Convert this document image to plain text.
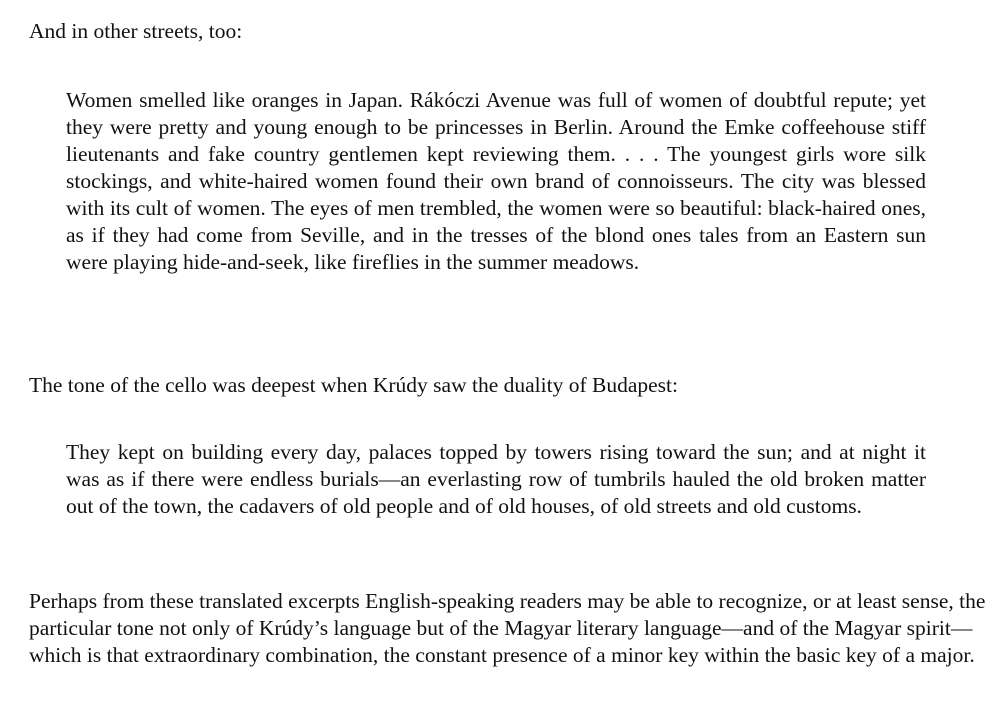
And in other streets, too:

Women smelled like oranges in Japan. Rákóczi Avenue was full of women of doubtful repute; yet they were pretty and young enough to be princesses in Berlin. Around the Emke coffeehouse stiff lieutenants and fake country gentlemen kept reviewing them. . . . The youngest girls wore silk stockings, and white-haired women found their own brand of connoisseurs. The city was blessed with its cult of women. The eyes of men trembled, the women were so beautiful: black-haired ones, as if they had come from Seville, and in the tresses of the blond ones tales from an Eastern sun were playing hide-and-seek, like fireflies in the summer meadows.

The tone of the cello was deepest when Krúdy saw the duality of Budapest:

They kept on building every day, palaces topped by towers rising toward the sun; and at night it was as if there were endless burials—an everlasting row of tumbrils hauled the old broken matter out of the town, the cadavers of old people and of old houses, of old streets and old customs.

Perhaps from these translated excerpts English-speaking readers may be able to recognize, or at least sense, the particular tone not only of Krúdy’s language but of the Magyar literary language—and of the Magyar spirit—which is that extraordinary combination, the constant presence of a minor key within the basic key of a major.
